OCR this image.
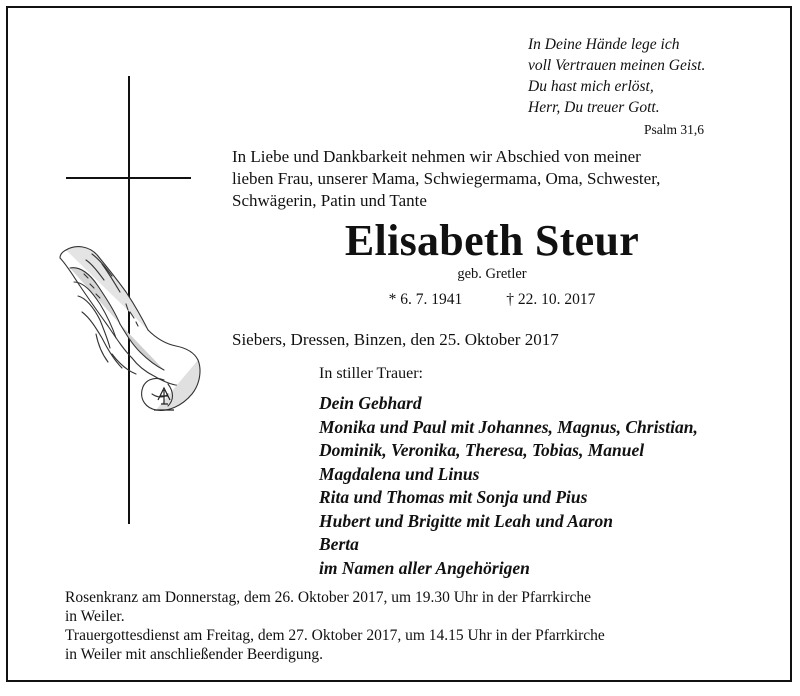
In Deine Hände lege ich
voll Vertrauen meinen Geist.
Du hast mich erlöst,
Herr, Du treuer Gott.
Psalm 31,6
In Liebe und Dankbarkeit nehmen wir Abschied von meiner
lieben Frau, unserer Mama, Schwiegermama, Oma, Schwester,
Schwägerin, Patin und Tante
Elisabeth Steur
geb. Gretler
* 6. 7. 1941	† 22. 10. 2017
Siebers, Dressen, Binzen, den 25. Oktober 2017
In stiller Trauer:
Dein Gebhard
Monika und Paul mit Johannes, Magnus, Christian,
Dominik, Veronika, Theresa, Tobias, Manuel
Magdalena und Linus
Rita und Thomas mit Sonja und Pius
Hubert und Brigitte mit Leah und Aaron
Berta
im Namen aller Angehörigen

Rosenkranz am Donnerstag, dem 26. Oktober 2017, um 19.30 Uhr in der Pfarrkirche

in Weiler.

Trauergottesdienst am Freitag, dem 27. Oktober 2017, um 14.15 Uhr in der Pfarrkirche

in Weiler mit anschließender Beerdigung.
